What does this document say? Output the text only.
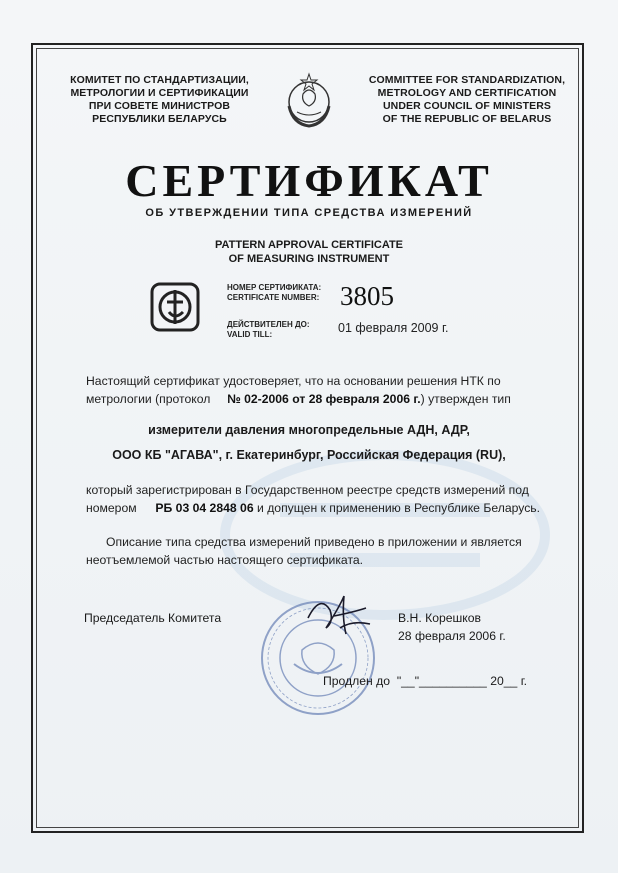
КОМИТЕТ ПО СТАНДАРТИЗАЦИИ,
МЕТРОЛОГИИ И СЕРТИФИКАЦИИ
ПРИ СОВЕТЕ МИНИСТРОВ
РЕСПУБЛИКИ БЕЛАРУСЬ
COMMITTEE FOR STANDARDIZATION,
METROLOGY AND CERTIFICATION
UNDER COUNCIL OF MINISTERS
OF THE REPUBLIC OF BELARUS
СЕРТИФИКАТ
ОБ УТВЕРЖДЕНИИ ТИПА СРЕДСТВА ИЗМЕРЕНИЙ
PATTERN APPROVAL CERTIFICATE
OF MEASURING INSTRUMENT
НОМЕР СЕРТИФИКАТА:
CERTIFICATE NUMBER: 3805
ДЕЙСТВИТЕЛЕН ДО:
VALID TILL:	01 февраля 2009 г.
Настоящий сертификат удостоверяет, что на основании решения НТК по
метрологии (протокол № 02-2006 от 28 февраля 2006 г.) утвержден тип
измерители давления многопредельные АДН, АДР,
ООО КБ "АГАВА", г. Екатеринбург, Российская Федерация (RU),
который зарегистрирован в Государственном реестре средств измерений под
номером РБ 03 04 2848 06 и допущен к применению в Республике Беларусь.
Описание типа средства измерений приведено в приложении и является
неотъемлемой частью настоящего сертификата.
Председатель Комитета	В.Н. Корешков
28 февраля 2006 г.
Продлен до  "__"__________ 20__ г.
